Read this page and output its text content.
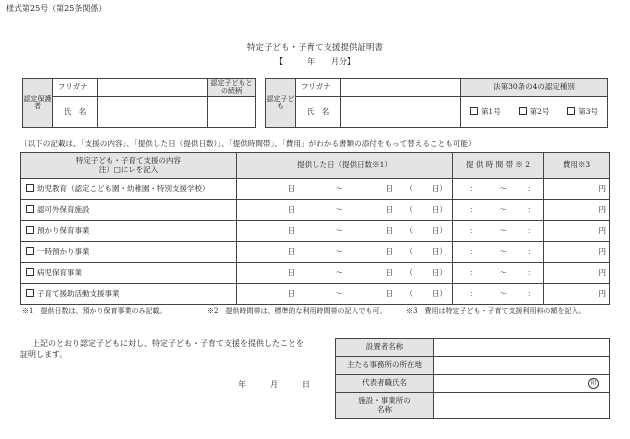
様式第25号（第25条関係）
特定子ども・子育て支援提供証明書
【　　　年　　月分】
認定保護者	フリガナ		認定子どもとの続柄
	氏　名		
認定子ども	フリガナ		法第30条の4の認定種別
	氏　名		第1号 第2号 第3号
（以下の記載は、「支援の内容」、「提供した日（提供日数）」、「提供時間帯」、「費用」がわかる書類の添付をもって替えることも可能）
特定子ども・子育て支援の内容
注）□にレを記入	提供した日（提供日数※1）	提 供 時 間 帯 ※ 2	費用※3
幼児教育（認定こども園・幼稚園・特別支援学校）	日 〜 日 （ 日）	： 〜 ：	円
認可外保育施設	日 〜 日 （ 日）	： 〜 ：	円
預かり保育事業	日 〜 日 （ 日）	： 〜 ：	円
一時預かり事業	日 〜 日 （ 日）	： 〜 ：	円
病児保育事業	日 〜 日 （ 日）	： 〜 ：	円
子育て援助活動支援事業	日 〜 日 （ 日）	： 〜 ：	円
※1　提供日数は、預かり保育事業のみ記載。	※2　提供時間帯は、標準的な利用時間帯の記入でも可。	※3　費用は特定子ども・子育て支援利用料の額を記入。
上記のとおり認定子どもに対し、特定子ども・子育て支援を提供したことを
証明します。
年	月	日
設置者名称	
主たる事務所の所在地	
代表者職氏名	印
施設・事業所の名称	
